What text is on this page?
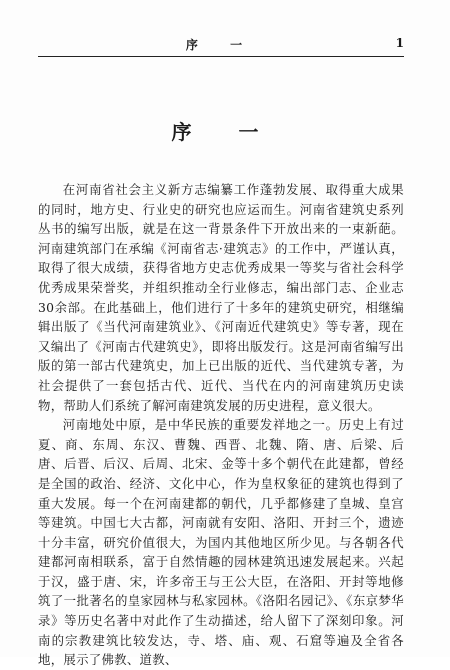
序 一	1
序 一

在河南省社会主义新方志编纂工作蓬勃发展、取得重大成果的同时，地方史、行业史的研究也应运而生。河南省建筑史系列丛书的编写出版，就是在这一背景条件下开放出来的一束新葩。河南建筑部门在承编《河南省志·建筑志》的工作中，严谨认真，取得了很大成绩，获得省地方史志优秀成果一等奖与省社会科学优秀成果荣誉奖，并组织推动全行业修志，编出部门志、企业志30余部。在此基础上，他们进行了十多年的建筑史研究，相继编辑出版了《当代河南建筑业》、《河南近代建筑史》等专著，现在又编出了《河南古代建筑史》，即将出版发行。这是河南省编写出版的第一部古代建筑史，加上已出版的近代、当代建筑专著，为社会提供了一套包括古代、近代、当代在内的河南建筑历史读物，帮助人们系统了解河南建筑发展的历史进程，意义很大。

河南地处中原，是中华民族的重要发祥地之一。历史上有过夏、商、东周、东汉、曹魏、西晋、北魏、隋、唐、后梁、后唐、后晋、后汉、后周、北宋、金等十多个朝代在此建都，曾经是全国的政治、经济、文化中心，作为皇权象征的建筑也得到了重大发展。每一个在河南建都的朝代，几乎都修建了皇城、皇宫等建筑。中国七大古都，河南就有安阳、洛阳、开封三个，遗迹十分丰富，研究价值很大，为国内其他地区所少见。与各朝各代建都河南相联系，富于自然情趣的园林建筑迅速发展起来。兴起于汉，盛于唐、宋，许多帝王与王公大臣，在洛阳、开封等地修筑了一批著名的皇家园林与私家园林。《洛阳名园记》、《东京梦华录》等历史名著中对此作了生动描述，给人留下了深刻印象。河南的宗教建筑比较发达，寺、塔、庙、观、石窟等遍及全省各地，展示了佛教、道教、
